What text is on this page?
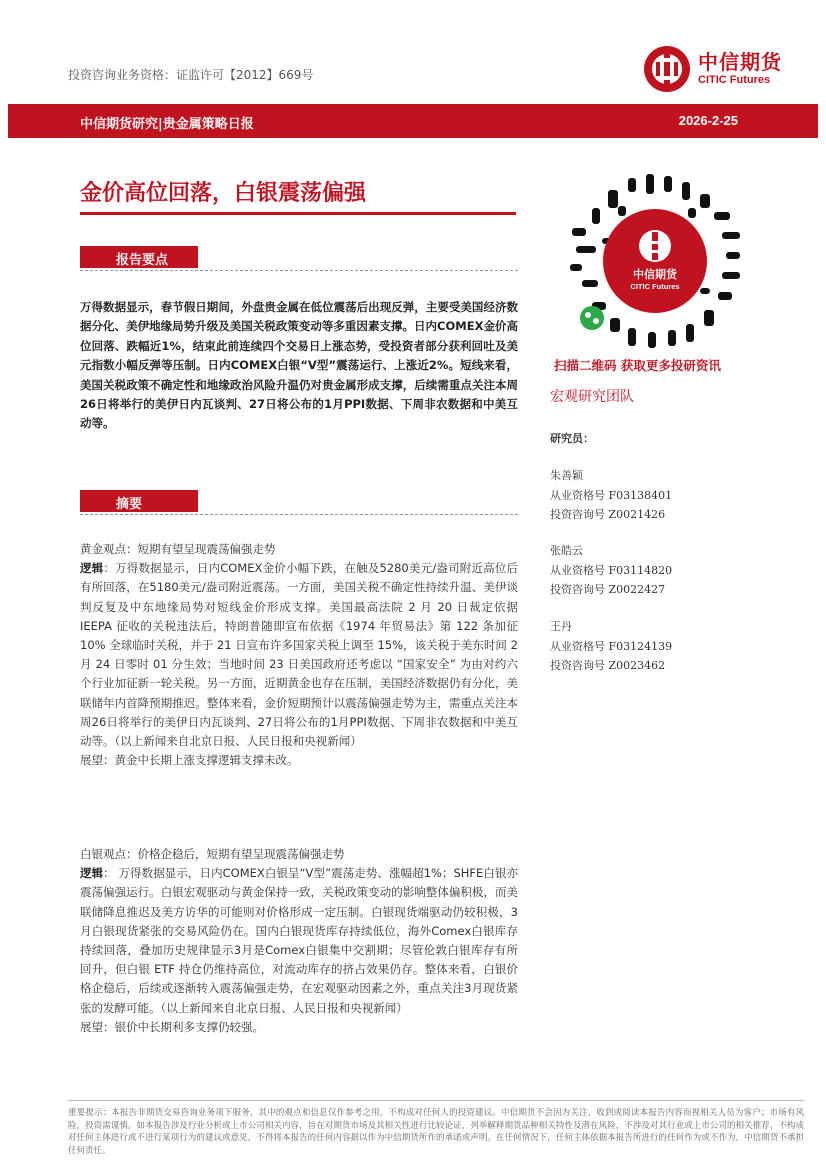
投资咨询业务资格：证监许可【2012】669号
中信期货
CITIC Futures
中信期货研究|贵金属策略日报	2026-2-25
金价高位回落，白银震荡偏强
报告要点
万得数据显示，春节假日期间，外盘贵金属在低位震荡后出现反弹，主要受美国经济数据分化、美伊地缘局势升级及美国关税政策变动等多重因素支撑。日内COMEX金价高位回落、跌幅近1%，结束此前连续四个交易日上涨态势，受投资者部分获利回吐及美元指数小幅反弹等压制。日内COMEX白银“V型”震荡运行、上涨近2%。短线来看，美国关税政策不确定性和地缘政治风险升温仍对贵金属形成支撑，后续需重点关注本周26日将举行的美伊日内瓦谈判、27日将公布的1月PPI数据、下周非农数据和中美互动等。
摘要
黄金观点：短期有望呈现震荡偏强走势
逻辑：万得数据显示，日内COMEX金价小幅下跌，在触及5280美元/盎司附近高位后有所回落，在5180美元/盎司附近震荡。一方面，美国关税不确定性持续升温、美伊谈判反复及中东地缘局势对短线金价形成支撑。美国最高法院 2 月 20 日裁定依据 IEEPA 征收的关税违法后，特朗普随即宣布依据《1974 年贸易法》第 122 条加征 10% 全球临时关税，并于 21 日宣布许多国家关税上调至 15%，该关税于美东时间 2 月 24 日零时 01 分生效；当地时间 23 日美国政府还考虑以 “国家安全” 为由对约六个行业加征新一轮关税。另一方面，近期黄金也存在压制，美国经济数据仍有分化，美联储年内首降预期推迟。整体来看，金价短期预计以震荡偏强走势为主，需重点关注本周26日将举行的美伊日内瓦谈判、27日将公布的1月PPI数据、下周非农数据和中美互动等。（以上新闻来自北京日报、人民日报和央视新闻）
展望：黄金中长期上涨支撑逻辑支撑未改。
白银观点：价格企稳后，短期有望呈现震荡偏强走势
逻辑： 万得数据显示，日内COMEX白银呈“V型”震荡走势、涨幅超1%；SHFE白银亦震荡偏强运行。白银宏观驱动与黄金保持一致，关税政策变动的影响整体偏积极，而美联储降息推迟及美方访华的可能则对价格形成一定压制。白银现货端驱动仍较积极，3月白银现货紧张的交易风险仍在。国内白银现货库存持续低位，海外Comex白银库存持续回落，叠加历史规律显示3月是Comex白银集中交割期；尽管伦敦白银库存有所回升，但白银 ETF 持仓仍维持高位，对流动库存的挤占效果仍存。整体来看，白银价格企稳后，后续或逐渐转入震荡偏强走势，在宏观驱动因素之外，重点关注3月现货紧张的发酵可能。（以上新闻来自北京日报、人民日报和央视新闻）
展望：银价中长期利多支撑仍较强。
中信期货
CITIC Futures
扫描二维码 获取更多投研资讯
宏观研究团队
研究员：
朱善颖
从业资格号 F03138401
投资咨询号 Z0021426
张皓云
从业资格号 F03114820
投资咨询号 Z0022427
王丹
从业资格号 F03124139
投资咨询号 Z0023462
重要提示：本报告非期货交易咨询业务项下服务，其中的观点和信息仅作参考之用，不构成对任何人的投资建议。中信期货不会因为关注、收到或阅读本报告内容而视相关人员为客户；市场有风险，投资需谨慎。如本报告涉及行业分析或上市公司相关内容，旨在对期货市场及其相关性进行比较论证，列举解释期货品种相关特性及潜在风险，不涉及对其行业或上市公司的相关推荐，不构成对任何主体进行或不进行某项行为的建议或意见，不得将本报告的任何内容据以作为中信期货所作的承诺或声明。在任何情况下，任何主体依据本报告所进行的任何作为或不作为，中信期货不承担任何责任。
